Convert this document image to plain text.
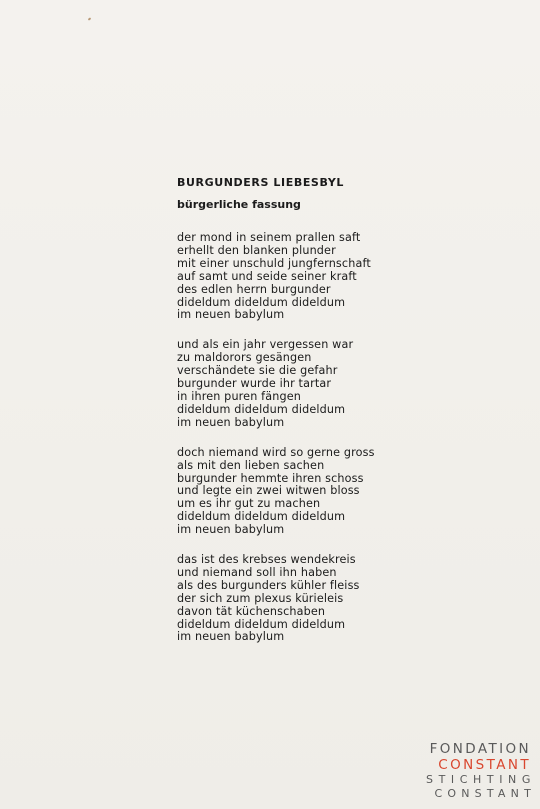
BURGUNDERS LIEBESBYL
bürgerliche fassung
der mond in seinem prallen saft
erhellt den blanken plunder
mit einer unschuld jungfernschaft
auf samt und seide seiner kraft
des edlen herrn burgunder
dideldum dideldum dideldum
im neuen babylum
und als ein jahr vergessen war
zu maldorors gesängen
verschändete sie die gefahr
burgunder wurde ihr tartar
in ihren puren fängen
dideldum dideldum dideldum
im neuen babylum
doch niemand wird so gerne gross
als mit den lieben sachen
burgunder hemmte ihren schoss
und legte ein zwei witwen bloss
um es ihr gut zu machen
dideldum dideldum dideldum
im neuen babylum
das ist des krebses wendekreis
und niemand soll ihn haben
als des burgunders kühler fleiss
der sich zum plexus kürieleis
davon tät küchenschaben
dideldum dideldum dideldum
im neuen babylum
FONDATION
CONSTANT
STICHTING
CONSTANT
